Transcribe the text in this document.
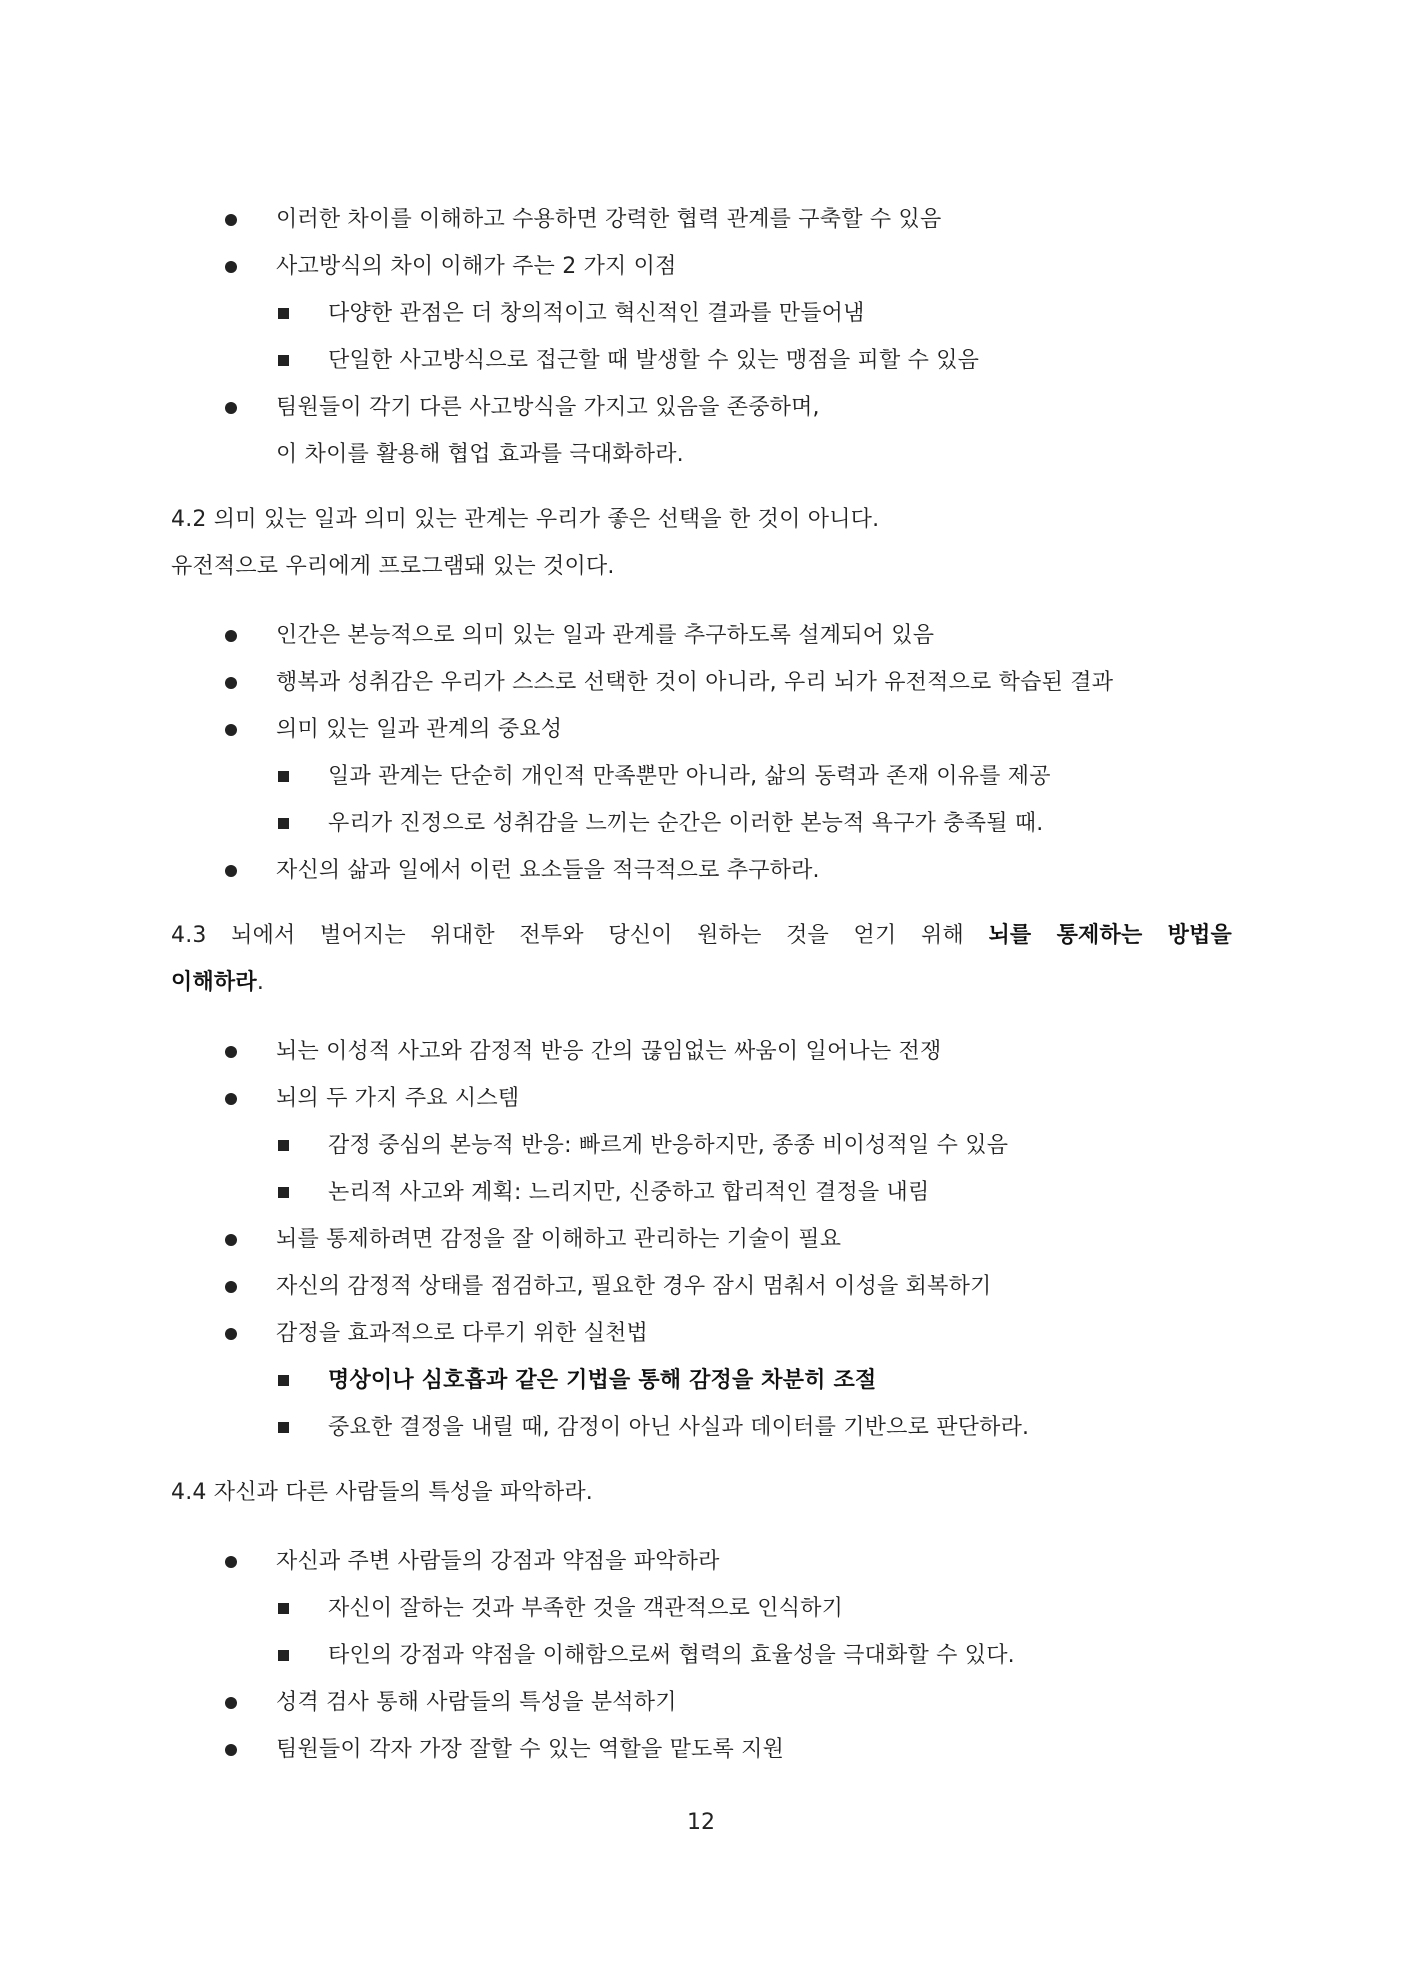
이러한 차이를 이해하고 수용하면 강력한 협력 관계를 구축할 수 있음
사고방식의 차이 이해가 주는 2 가지 이점
다양한 관점은 더 창의적이고 혁신적인 결과를 만들어냄
단일한 사고방식으로 접근할 때 발생할 수 있는 맹점을 피할 수 있음
팀원들이 각기 다른 사고방식을 가지고 있음을 존중하며,
이 차이를 활용해 협업 효과를 극대화하라.
4.2 의미 있는 일과 의미 있는 관계는 우리가 좋은 선택을 한 것이 아니다.
유전적으로 우리에게 프로그램돼 있는 것이다.
인간은 본능적으로 의미 있는 일과 관계를 추구하도록 설계되어 있음
행복과 성취감은 우리가 스스로 선택한 것이 아니라, 우리 뇌가 유전적으로 학습된 결과
의미 있는 일과 관계의 중요성
일과 관계는 단순히 개인적 만족뿐만 아니라, 삶의 동력과 존재 이유를 제공
우리가 진정으로 성취감을 느끼는 순간은 이러한 본능적 욕구가 충족될 때.
자신의 삶과 일에서 이런 요소들을 적극적으로 추구하라.
4.3 뇌에서 벌어지는 위대한 전투와 당신이 원하는 것을 얻기 위해 뇌를 통제하는 방법을
이해하라.
뇌는 이성적 사고와 감정적 반응 간의 끊임없는 싸움이 일어나는 전쟁
뇌의 두 가지 주요 시스템
감정 중심의 본능적 반응: 빠르게 반응하지만, 종종 비이성적일 수 있음
논리적 사고와 계획: 느리지만, 신중하고 합리적인 결정을 내림
뇌를 통제하려면 감정을 잘 이해하고 관리하는 기술이 필요
자신의 감정적 상태를 점검하고, 필요한 경우 잠시 멈춰서 이성을 회복하기
감정을 효과적으로 다루기 위한 실천법
명상이나 심호흡과 같은 기법을 통해 감정을 차분히 조절
중요한 결정을 내릴 때, 감정이 아닌 사실과 데이터를 기반으로 판단하라.
4.4 자신과 다른 사람들의 특성을 파악하라.
자신과 주변 사람들의 강점과 약점을 파악하라
자신이 잘하는 것과 부족한 것을 객관적으로 인식하기
타인의 강점과 약점을 이해함으로써 협력의 효율성을 극대화할 수 있다.
성격 검사 통해 사람들의 특성을 분석하기
팀원들이 각자 가장 잘할 수 있는 역할을 맡도록 지원
12
